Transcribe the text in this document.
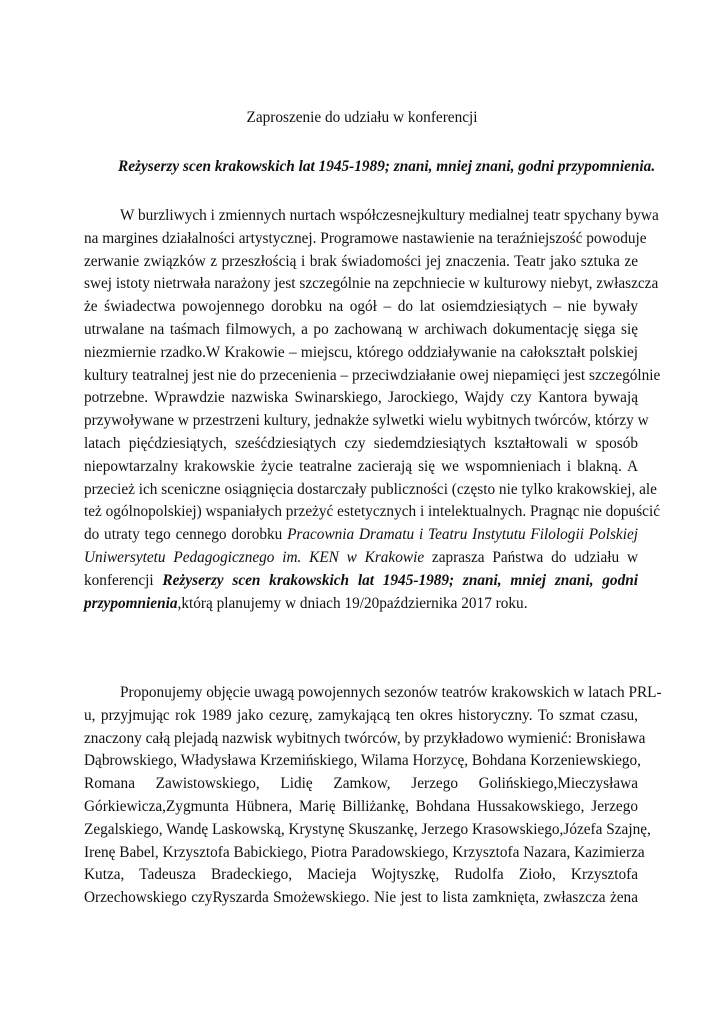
Zaproszenie do udziału w konferencji
Reżyserzy scen krakowskich lat 1945-1989; znani, mniej znani, godni przypomnienia.
W burzliwych i zmiennych nurtach współczesnejkultury medialnej teatr spychany bywa
na margines działalności artystycznej. Programowe nastawienie na teraźniejszość powoduje
zerwanie związków z przeszłością i brak świadomości jej znaczenia. Teatr jako sztuka ze
swej istoty nietrwała narażony jest szczególnie na zepchniecie w kulturowy niebyt, zwłaszcza
że świadectwa powojennego dorobku na ogół – do lat osiemdziesiątych – nie bywały
utrwalane na taśmach filmowych, a po zachowaną w archiwach dokumentację sięga się
niezmiernie rzadko.W Krakowie – miejscu, którego oddziaływanie na całokształt polskiej
kultury teatralnej jest nie do przecenienia – przeciwdziałanie owej niepamięci jest szczególnie
potrzebne. Wprawdzie nazwiska Swinarskiego, Jarockiego, Wajdy czy Kantora bywają
przywoływane w przestrzeni kultury, jednakże sylwetki wielu wybitnych twórców, którzy w
latach pięćdziesiątych, sześćdziesiątych czy siedemdziesiątych kształtowali w sposób
niepowtarzalny krakowskie życie teatralne zacierają się we wspomnieniach i blakną. A
przecież ich sceniczne osiągnięcia dostarczały publiczności (często nie tylko krakowskiej, ale
też ogólnopolskiej) wspaniałych przeżyć estetycznych i intelektualnych. Pragnąc nie dopuścić
do utraty tego cennego dorobku Pracownia Dramatu i Teatru Instytutu Filologii Polskiej
Uniwersytetu Pedagogicznego im. KEN w Krakowie zaprasza Państwa do udziału w
konferencji Reżyserzy scen krakowskich lat 1945-1989; znani, mniej znani, godni
przypomnienia,którą planujemy w dniach 19/20października 2017 roku.
Proponujemy objęcie uwagą powojennych sezonów teatrów krakowskich w latach PRL-
u, przyjmując rok 1989 jako cezurę, zamykającą ten okres historyczny. To szmat czasu,
znaczony całą plejadą nazwisk wybitnych twórców, by przykładowo wymienić: Bronisława
Dąbrowskiego, Władysława Krzemińskiego, Wilama Horzycę, Bohdana Korzeniewskiego,
Romana Zawistowskiego, Lidię Zamkow, Jerzego Golińskiego,Mieczysława
Górkiewicza,Zygmunta Hübnera, Marię Billiżankę, Bohdana Hussakowskiego, Jerzego
Zegalskiego, Wandę Laskowską, Krystynę Skuszankę, Jerzego Krasowskiego,Józefa Szajnę,
Irenę Babel, Krzysztofa Babickiego, Piotra Paradowskiego, Krzysztofa Nazara, Kazimierza
Kutza, Tadeusza Bradeckiego, Macieja Wojtyszkę, Rudolfa Zioło, Krzysztofa
Orzechowskiego czyRyszarda Smożewskiego. Nie jest to lista zamknięta, zwłaszcza żena
